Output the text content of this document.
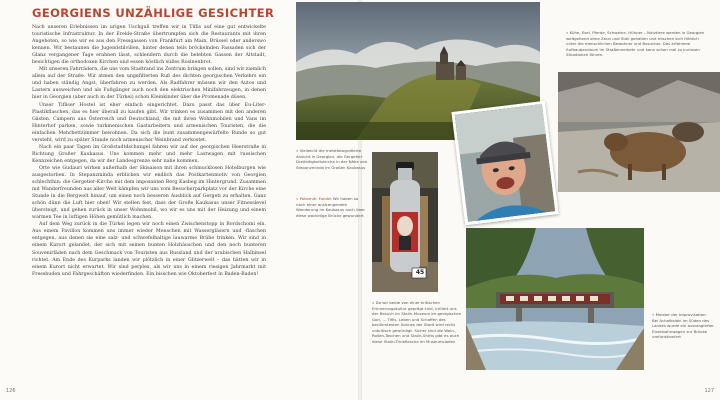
GEORGIENS UNZÄHLIGE GESICHTER

Nach unseren Erlebnissen im urigen Uschguli treffen wir in Tiflis auf eine gut entwickelte touristische Infrastruktur. In der Erekle-Straße übertrumpfen sich die Restaurants mit ihren Angeboten, so wie wir es aus den Fressgassen von Frankfurt am Main, Brüssel oder anderswo kennen. Wir bestaunen die Jugendstilvillen, hinter denen teils bröckelnden Fassaden sich der Glanz vergangener Tage erahnen lässt, schlendern durch die belebten Gassen der Altstadt, besichtigen die orthodoxen Kirchen und essen köstlich süßes Rosinenbrot.

Mit unseren Fahrrädern, die uns vom Stadtrand ins Zentrum bringen sollen, sind wir ziemlich allein auf der Straße. Wir atmen den ungefilterten Ruß des dichten georgischen Verkehrs ein und haben ständig Angst, überfahren zu werden. Als Radfahrer müssen wir den Autos und Lastern ausweichen und als Fußgänger auch noch den elektrischen Minifahrzeugen, in denen hier in Georgien (aber auch in der Türkei) schon Kleinkinder über die Promenade düsen.

Unser Tifliser Hostel ist eher einfach eingerichtet. Dazu passt das über Eu-Liter-Plastikflaschen, das es hier überall zu kaufen gibt. Wir trinken es zusammen mit den anderen Gästen. Campern aus Österreich und Deutschland, die mit ihren Wohnmobilen und Vans im Hinterhof parken, sowie turkmenischen Gastarbeitern und armenischen Touristen, die die einfachen Mehrbettzimmer bewohnen. Da sich die bunt zusammengewürfelte Runde so gut versteht, wird zu später Stunde noch armenischer Weinbrand verkostet.

Nach ein paar Tagen im Großstadtdschungel fahren wir auf der georgischen Heerstraße in Richtung Großer Kaukasus. Uns kommen mehr und mehr Lastwagen mit russischen Kennzeichen entgegen, da wir der Landesgrenze sehr nahe kommen.

Orte wie Gudauri wirken außerhalb der Skisaison mit ihren schmucklosen Hotelburgen wie ausgestorben. In Stepanzminda erblicken wir endlich das Postkartenmotiv von Georgien schlechthin: die Gergetier-Kirche mit dem imposanten Berg Kasbeg im Hintergrund. Zusammen mit Wanderfreunden aus aller Welt kämpfen wir uns vom Besucherparkplatz vor der Kirche eine Stunde in die Bergwelt hinauf, um einen noch besseren Ausblick auf Gergeti zu erhalten. Ganz schön dünn die Luft hier oben! Wir stellen fest, dass der Große Kaukasus unser Fitnesslevel übersteigt, und gehen zurück in unser Wohnmobil, wo wir es uns mit der Heizung und einem warmen Tee in luftigen Höhen gemütlich machen.

Auf dem Weg zurück in die Türkei legen wir noch einen Zwischenstopp in Bordschomi ein. Aus einem Pavillon kommen uns immer wieder Menschen mit Wassergläsern und -flaschen entgegen, aus denen sie eine salz- und schwefelhaltige lauwarme Brühe trinken. Wir sind in einem Kurort gelandet, der sich mit seinen bunten Holzhäuschen und den noch bunteren Souvenirläden nach dem Geschmack von Touristen aus Russland und der arabischen Halbinsel richtet. Am Ende des Kurparks landen wir plötzlich in einer Glitzerwelt – das hätten wir in einem Kurort nicht erwartet. Wir sind perplex, als wir uns in einem riesigen Jahrmarkt mit Fressbuden und Fahrgeschäften wiederfinden. Ein bisschen wie Oktoberfest in Baden-Baden!

126	127
« Kühe, Esel, Pferde, Schweine, Hühner – Nutztiere werden in Georgien weitgehend ohne Zaun und Stall gehalten und mischen sich fröhlich unter die menschlichen Bewohner und Besucher. Das erfahrene Aufbaubandaum im Straßenverkehr und kann schon mal zu kuriosen Situationen führen.
« Vielleicht die meistfotografierte Ansicht in Georgien, die Gergetier Dreifaltigkeitskirche in der Nähe von Stepanzminda im Großen Kaukasus
« Pokornik: Fondel Wir haben so nach einer anstrengenden Wanderung im Kaukasus auch über diese wackelige Brücke gewundert
45
« Da wir beide von einer kritischen Erinnerungskultur geprägt sind, irritiert uns der Besuch im Stalin-Museum im georgischen Gori, ... Tiflis. Leben und Schaffen des berühmtesten Sohnes der Stadt wird recht unkritisch gewürdigt. Sicher sind die Wein-, Rollen-Taschen und Stalin-Shirts gibt es auch diese Stalin-Trinkflasche im Museumsladen
« Meister der Improvisation: Bei Achalkalaki im Süden des Landes wurde ein ausrangierter Eisenbahnwagen zur Brücke umfunktioniert
